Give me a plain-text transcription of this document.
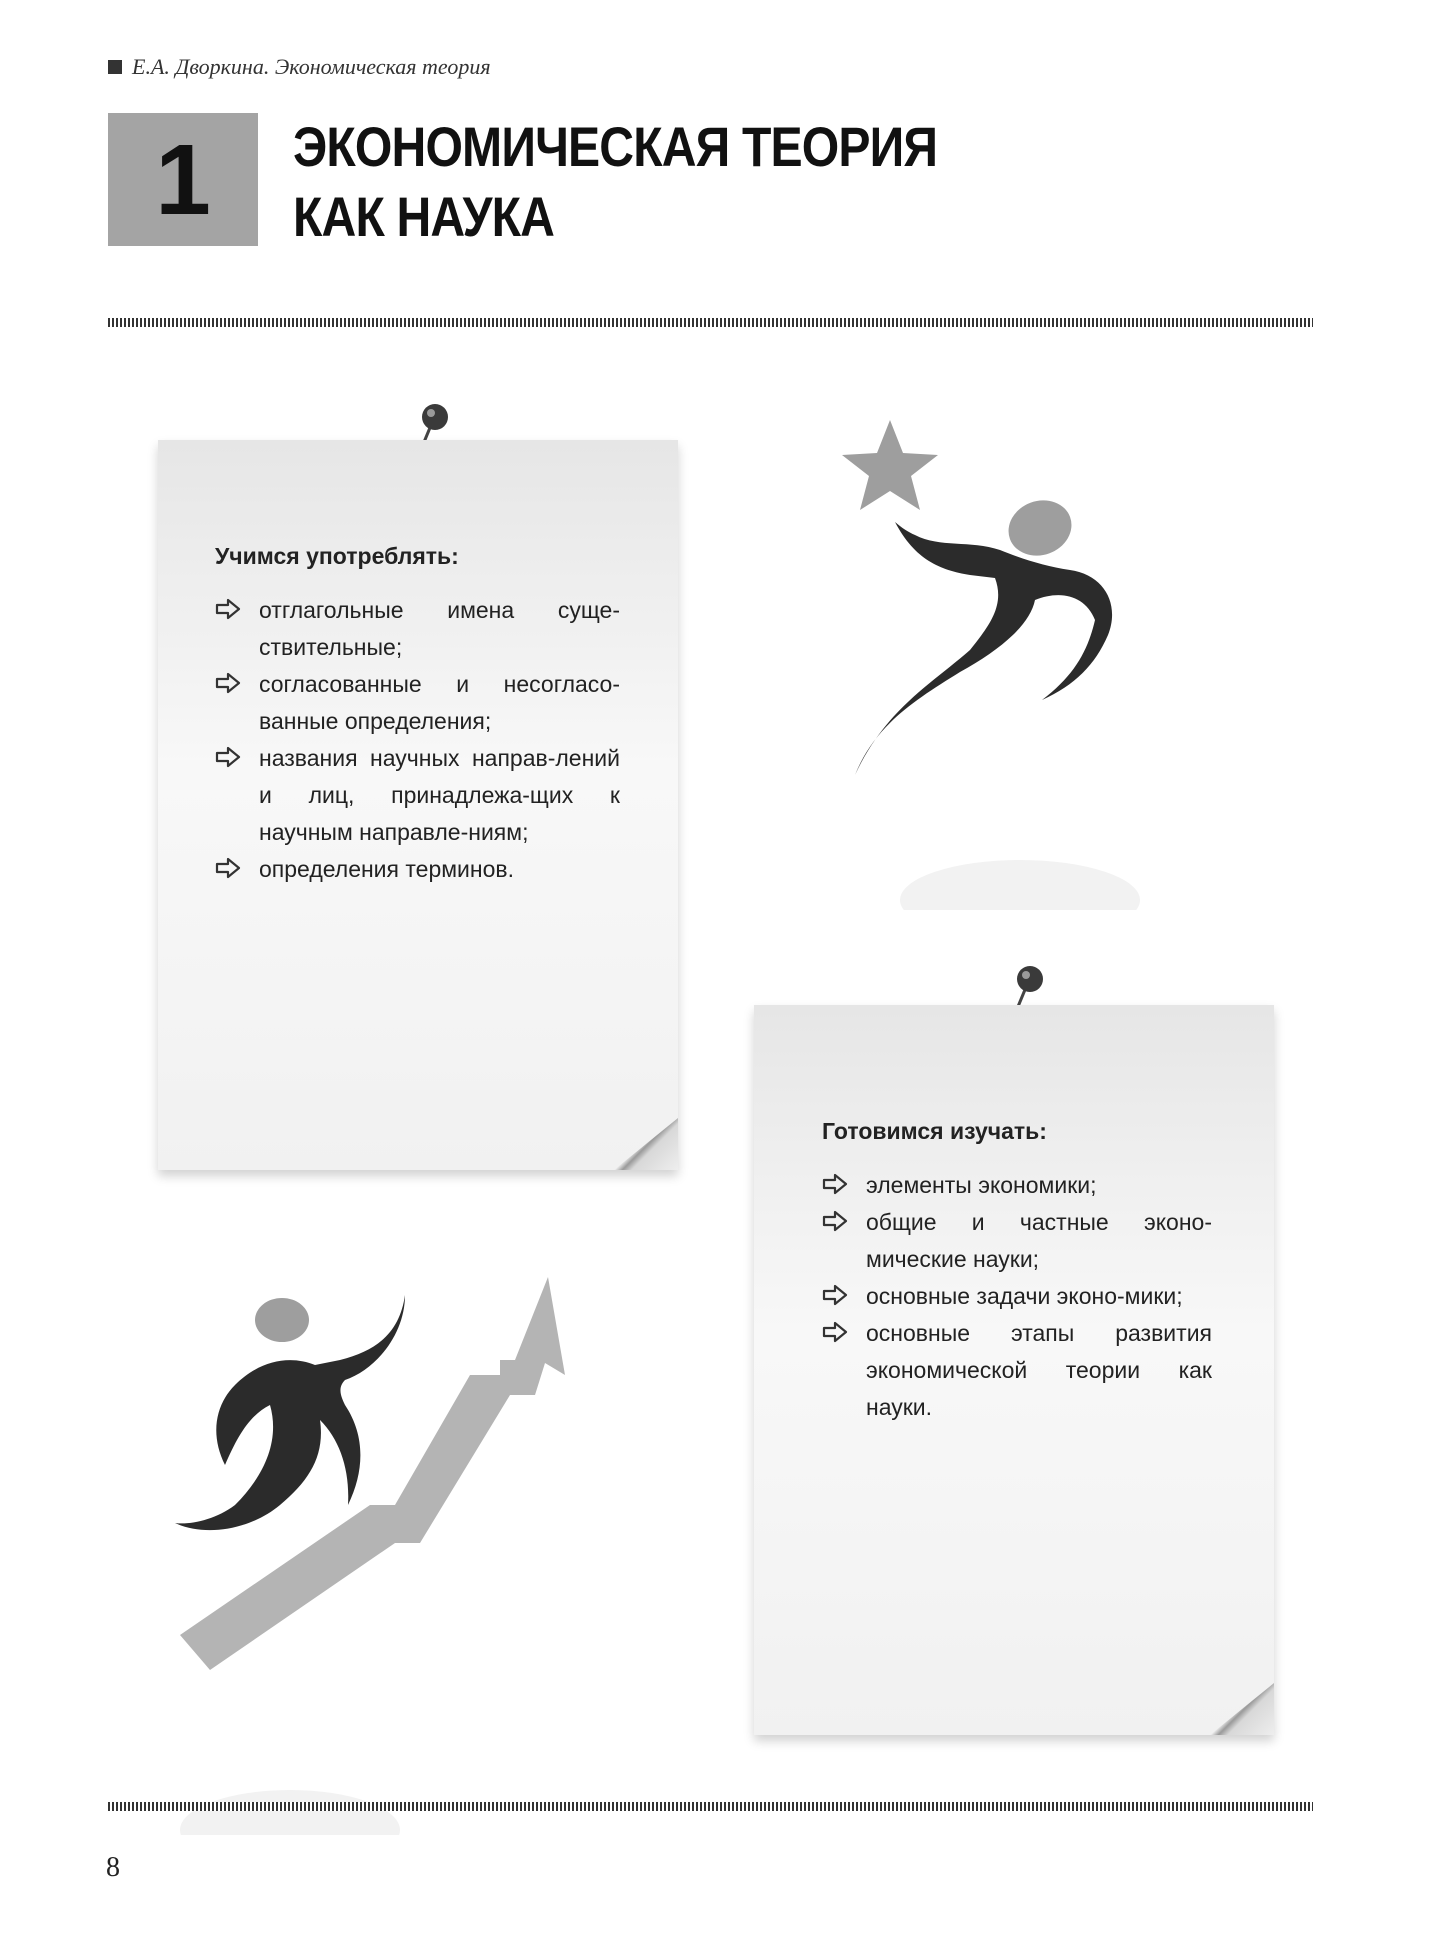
Е.А. Дворкина. Экономическая теория
1 ЭКОНОМИЧЕСКАЯ ТЕОРИЯ
КАК НАУКА
Учимся употреблять:
отглагольные имена суще-ствительные;
согласованные и несогласо-ванные определения;
названия научных направ-лений и лиц, принадлежа-щих к научным направле-ниям;
определения терминов.
Готовимся изучать:
элементы экономики;
общие и частные эконо-мические науки;
основные задачи эконо-мики;
основные этапы развития экономической теории как науки.
8
